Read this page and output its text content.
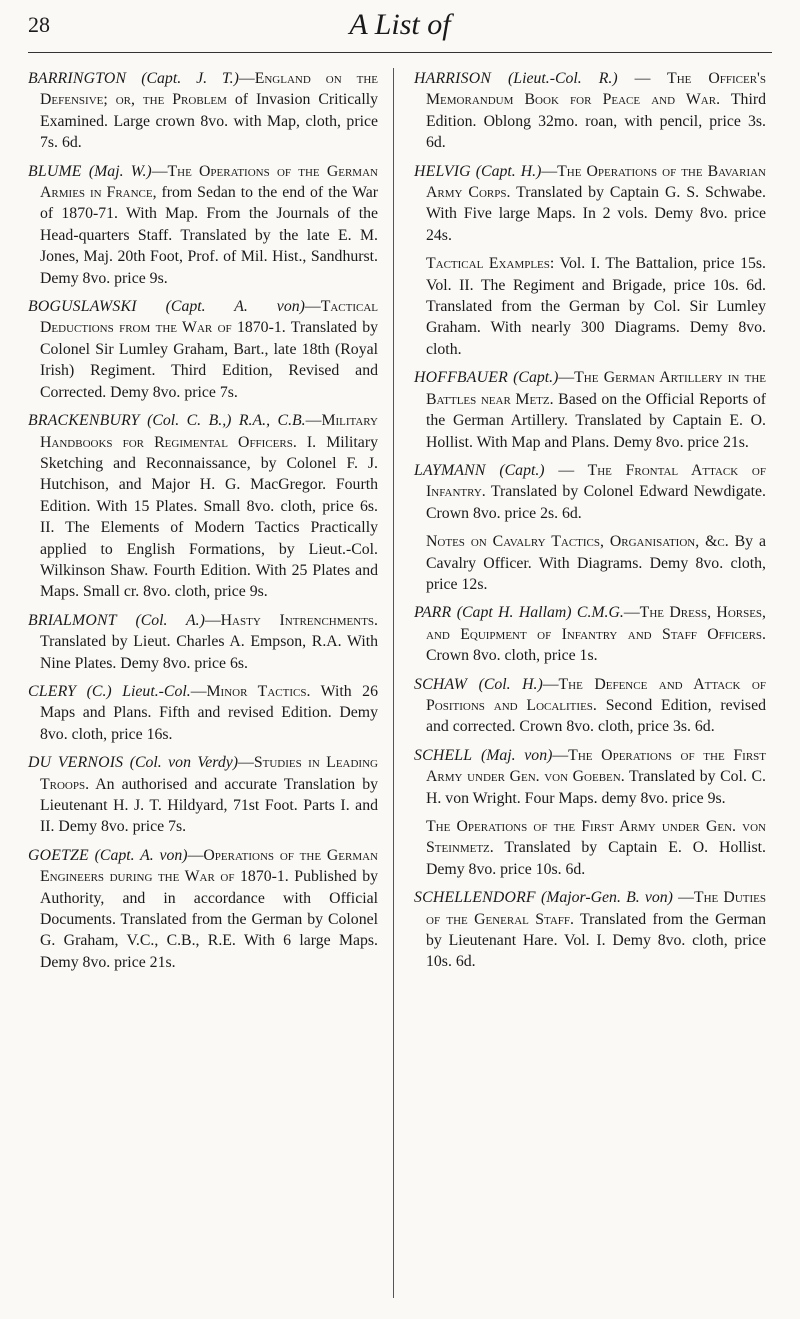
28	A List of

BARRINGTON (Capt. J. T.)—England on the Defensive; or, the Problem of Invasion Critically Examined. Large crown 8vo. with Map, cloth, price 7s. 6d.

BLUME (Maj. W.)—The Operations of the German Armies in France, from Sedan to the end of the War of 1870-71. With Map. From the Journals of the Head-quarters Staff. Translated by the late E. M. Jones, Maj. 20th Foot, Prof. of Mil. Hist., Sandhurst. Demy 8vo. price 9s.

BOGUSLAWSKI (Capt. A. von)—Tactical Deductions from the War of 1870-1. Translated by Colonel Sir Lumley Graham, Bart., late 18th (Royal Irish) Regiment. Third Edition, Revised and Corrected. Demy 8vo. price 7s.

BRACKENBURY (Col. C. B.,) R.A., C.B.—Military Handbooks for Regimental Officers. I. Military Sketching and Reconnaissance, by Colonel F. J. Hutchison, and Major H. G. MacGregor. Fourth Edition. With 15 Plates. Small 8vo. cloth, price 6s. II. The Elements of Modern Tactics Practically applied to English Formations, by Lieut.-Col. Wilkinson Shaw. Fourth Edition. With 25 Plates and Maps. Small cr. 8vo. cloth, price 9s.

BRIALMONT (Col. A.)—Hasty Intrenchments. Translated by Lieut. Charles A. Empson, R.A. With Nine Plates. Demy 8vo. price 6s.

CLERY (C.) Lieut.-Col.—Minor Tactics. With 26 Maps and Plans. Fifth and revised Edition. Demy 8vo. cloth, price 16s.

DU VERNOIS (Col. von Verdy)—Studies in Leading Troops. An authorised and accurate Translation by Lieutenant H. J. T. Hildyard, 71st Foot. Parts I. and II. Demy 8vo. price 7s.

GOETZE (Capt. A. von)—Operations of the German Engineers during the War of 1870-1. Published by Authority, and in accordance with Official Documents. Translated from the German by Colonel G. Graham, V.C., C.B., R.E. With 6 large Maps. Demy 8vo. price 21s.

HARRISON (Lieut.-Col. R.) — The Officer's Memorandum Book for Peace and War. Third Edition. Oblong 32mo. roan, with pencil, price 3s. 6d.

HELVIG (Capt. H.)—The Operations of the Bavarian Army Corps. Translated by Captain G. S. Schwabe. With Five large Maps. In 2 vols. Demy 8vo. price 24s.

Tactical Examples: Vol. I. The Battalion, price 15s. Vol. II. The Regiment and Brigade, price 10s. 6d. Translated from the German by Col. Sir Lumley Graham. With nearly 300 Diagrams. Demy 8vo. cloth.

HOFFBAUER (Capt.)—The German Artillery in the Battles near Metz. Based on the Official Reports of the German Artillery. Translated by Captain E. O. Hollist. With Map and Plans. Demy 8vo. price 21s.

LAYMANN (Capt.) — The Frontal Attack of Infantry. Translated by Colonel Edward Newdigate. Crown 8vo. price 2s. 6d.

Notes on Cavalry Tactics, Organisation, &c. By a Cavalry Officer. With Diagrams. Demy 8vo. cloth, price 12s.

PARR (Capt H. Hallam) C.M.G.—The Dress, Horses, and Equipment of Infantry and Staff Officers. Crown 8vo. cloth, price 1s.

SCHAW (Col. H.)—The Defence and Attack of Positions and Localities. Second Edition, revised and corrected. Crown 8vo. cloth, price 3s. 6d.

SCHELL (Maj. von)—The Operations of the First Army under Gen. von Goeben. Translated by Col. C. H. von Wright. Four Maps. demy 8vo. price 9s.

The Operations of the First Army under Gen. von Steinmetz. Translated by Captain E. O. Hollist. Demy 8vo. price 10s. 6d.

SCHELLENDORF (Major-Gen. B. von) —The Duties of the General Staff. Translated from the German by Lieutenant Hare. Vol. I. Demy 8vo. cloth, price 10s. 6d.
